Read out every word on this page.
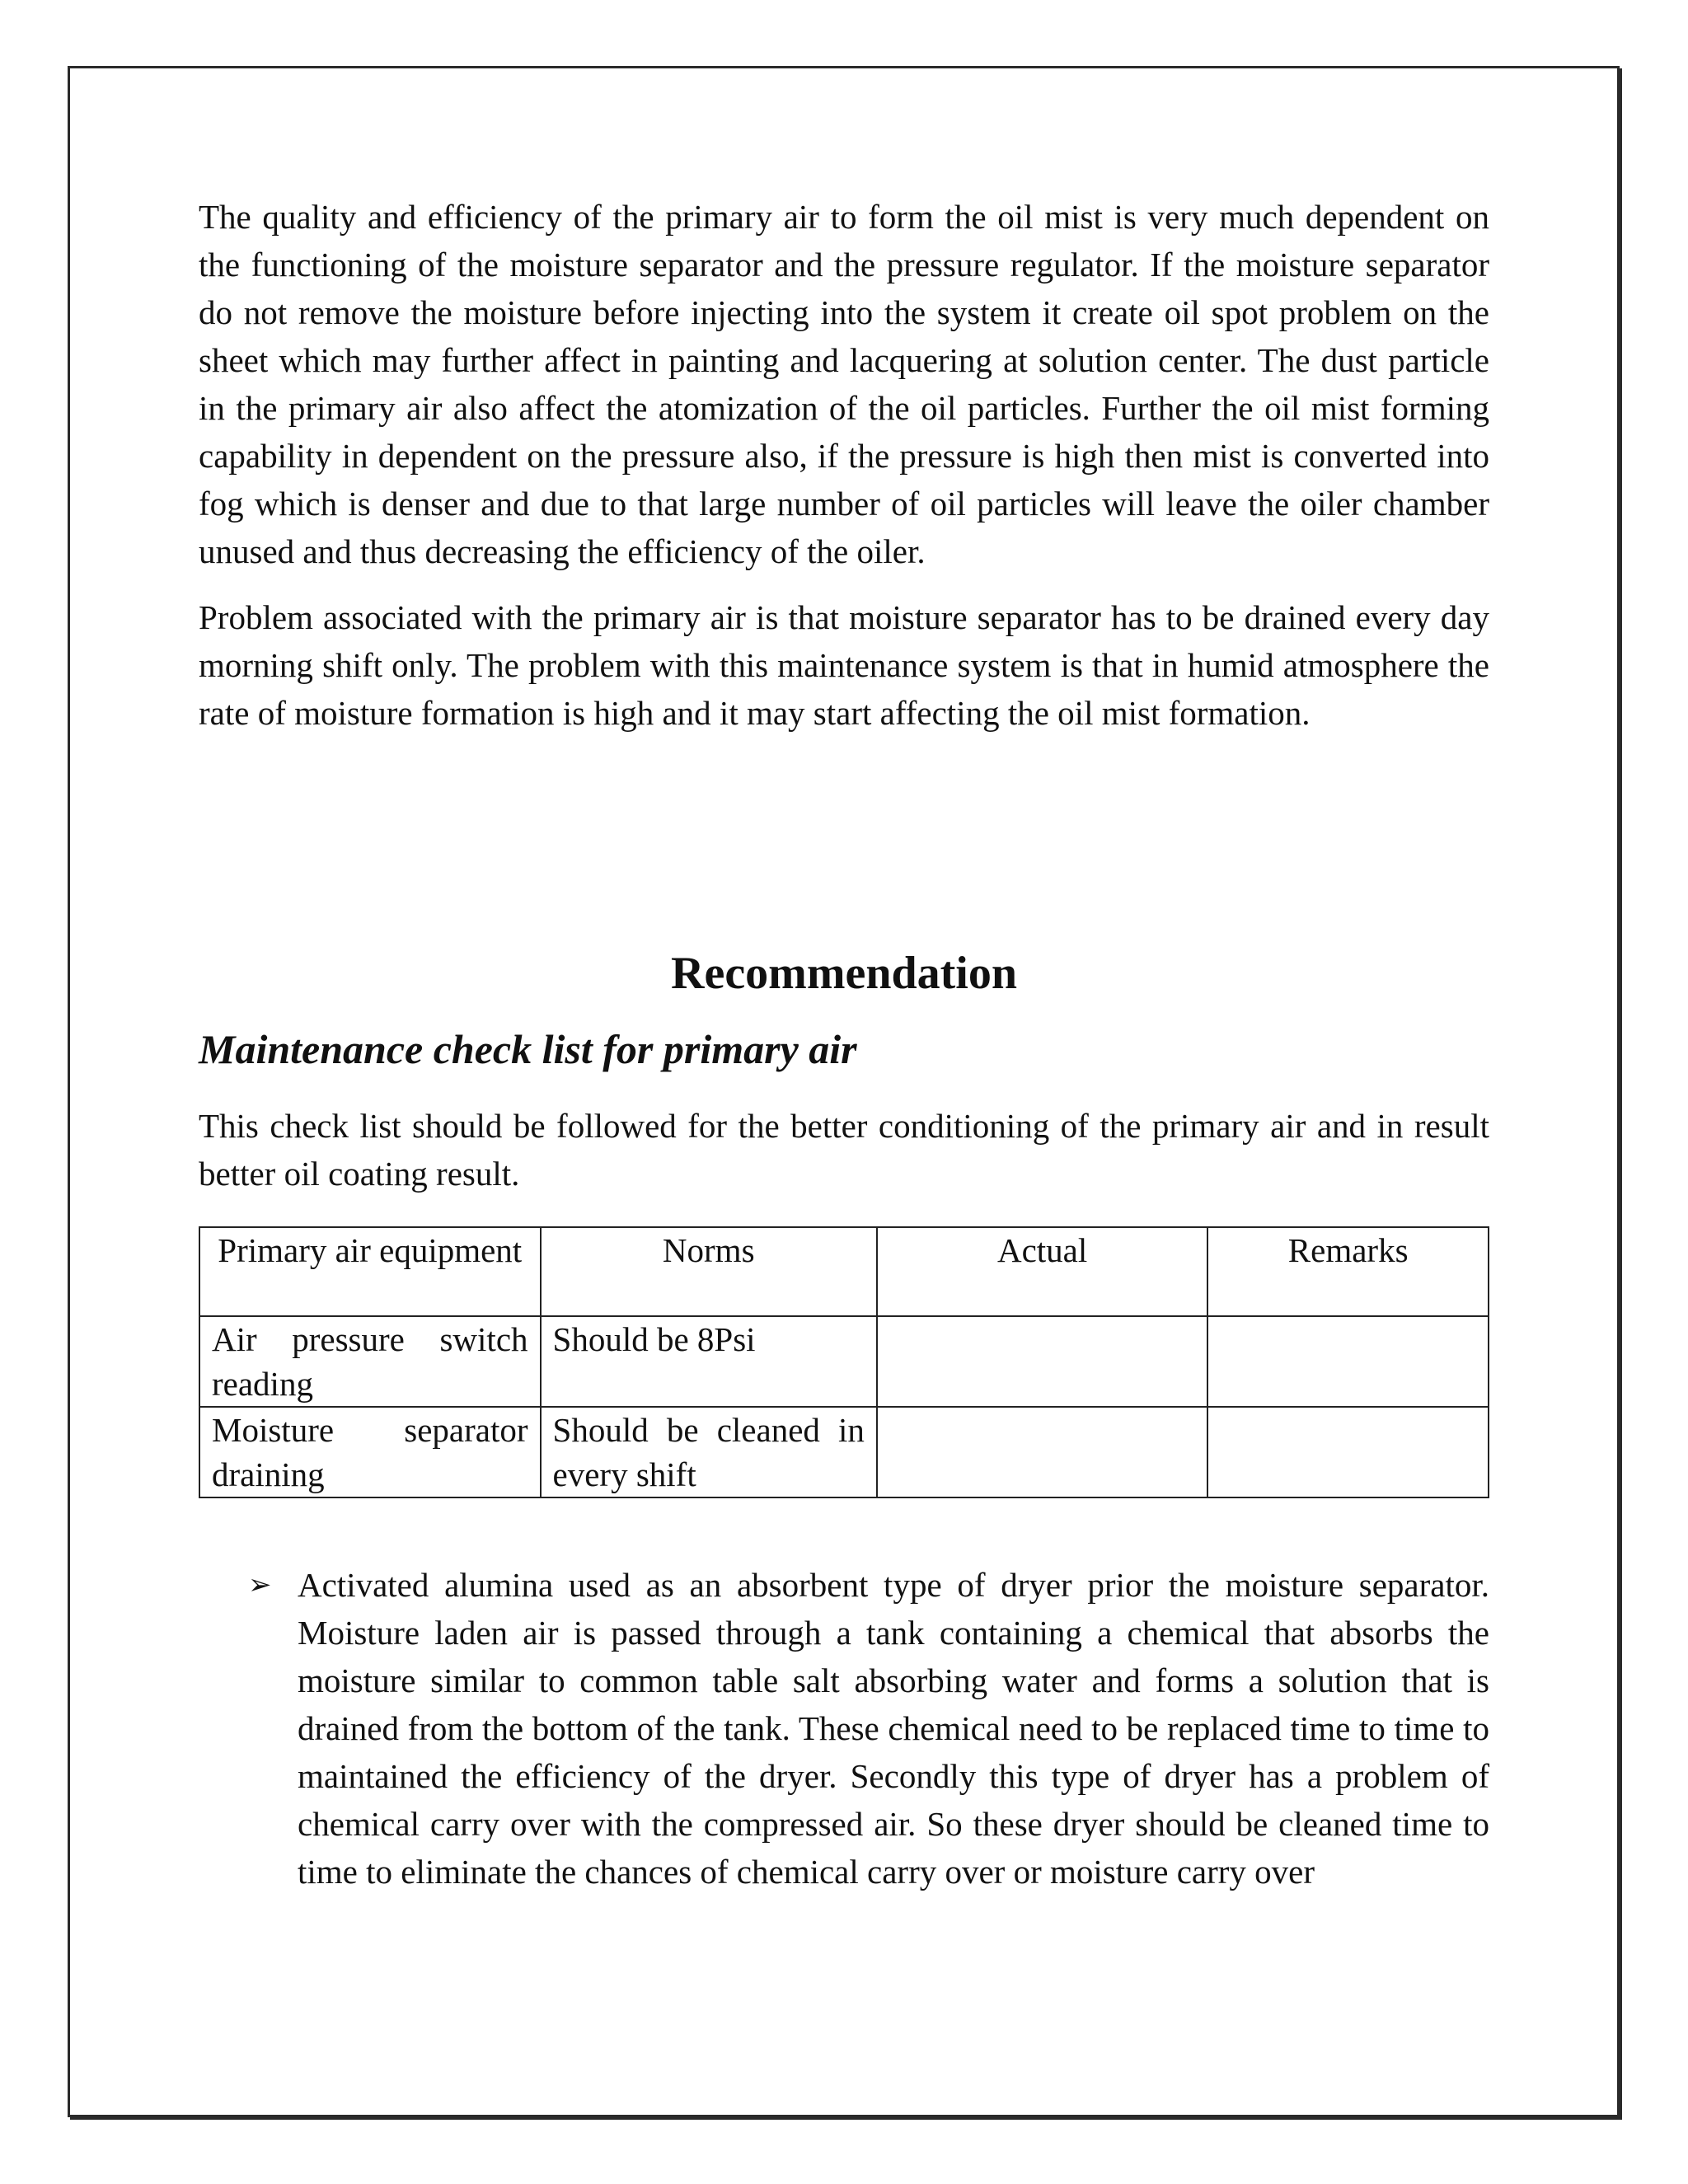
The quality and efficiency of the primary air to form the oil mist is very much dependent on the functioning of the moisture separator and the pressure regulator. If the moisture separator do not remove the moisture before injecting into the system it create oil spot problem on the sheet which may further affect in painting and lacquering at solution center. The dust particle in the primary air also affect the atomization of the oil particles. Further the oil mist forming capability in dependent on the pressure also, if the pressure is high then mist is converted into fog which is denser and due to that large number of oil particles will leave the oiler chamber unused and thus decreasing the efficiency of the oiler.

Problem associated with the primary air is that moisture separator has to be drained every day morning shift only. The problem with this maintenance system is that in humid atmosphere the rate of moisture formation is high and it may start affecting the oil mist formation.

Recommendation
Maintenance check list for primary air

This check list should be followed for the better conditioning of the primary air and in result better oil coating result.

Primary air equipment	Norms	Actual	Remarks
Air pressure switch reading	Should be 8Psi		
Moisture separator draining	Should be cleaned in every shift		
➢ Activated alumina used as an absorbent type of dryer prior the moisture separator. Moisture laden air is passed through a tank containing a chemical that absorbs the moisture similar to common table salt absorbing water and forms a solution that is drained from the bottom of the tank. These chemical need to be replaced time to time to maintained the efficiency of the dryer. Secondly this type of dryer has a problem of chemical carry over with the compressed air. So these dryer should be cleaned time to time to eliminate the chances of chemical carry over or moisture carry over
